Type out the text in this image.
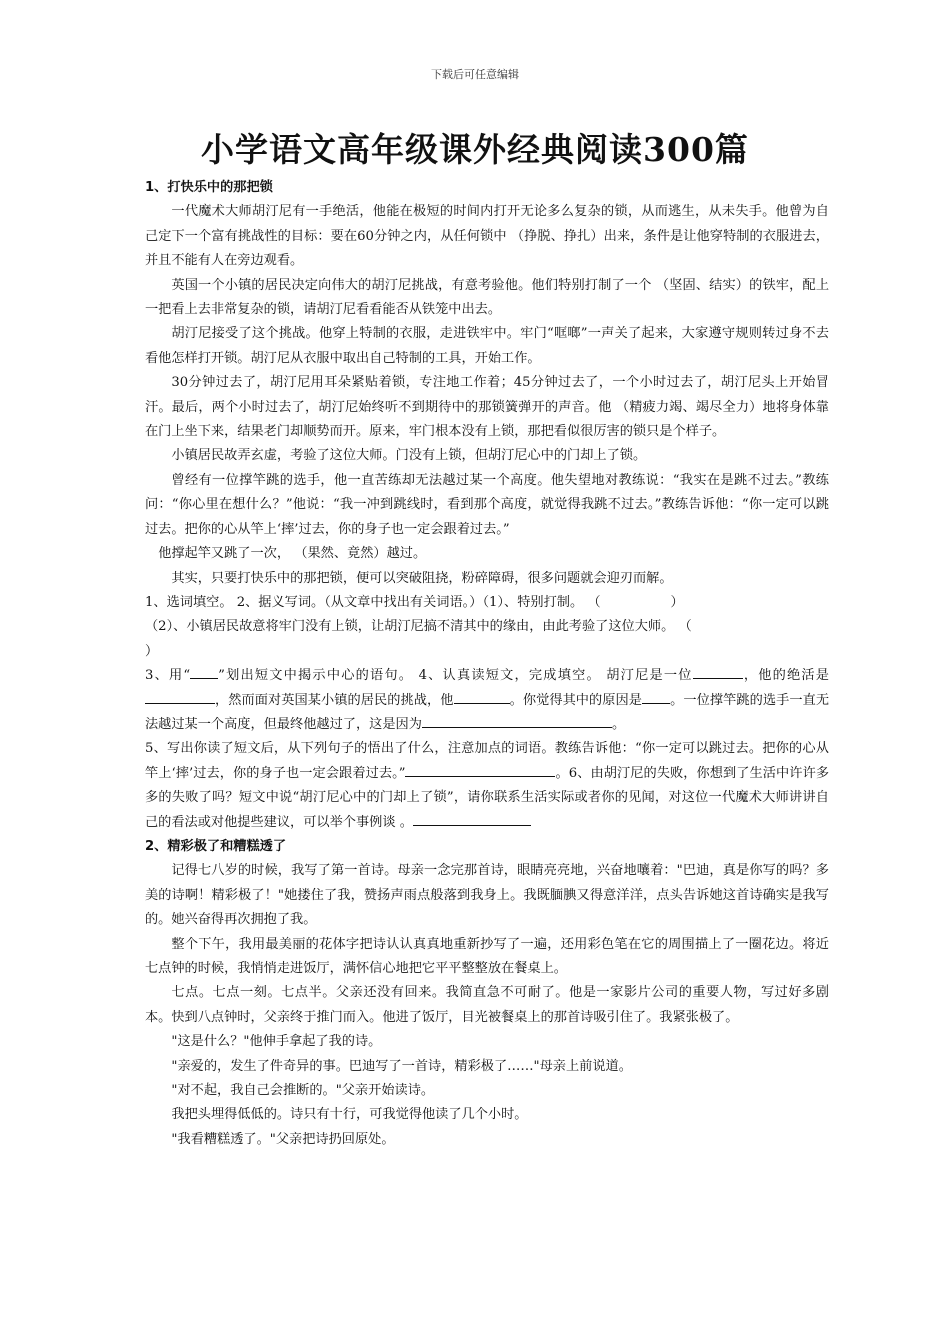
下载后可任意编辑
小学语文高年级课外经典阅读300篇

1、打快乐中的那把锁

一代魔术大师胡汀尼有一手绝活，他能在极短的时间内打开无论多么复杂的锁，从而逃生，从未失手。他曾为自己定下一个富有挑战性的目标：要在60分钟之内，从任何锁中 （挣脱、挣扎）出来，条件是让他穿特制的衣服进去，并且不能有人在旁边观看。

英国一个小镇的居民决定向伟大的胡汀尼挑战，有意考验他。他们特别打制了一个 （坚固、结实）的铁牢，配上一把看上去非常复杂的锁，请胡汀尼看看能否从铁笼中出去。

胡汀尼接受了这个挑战。他穿上特制的衣服，走进铁牢中。牢门“哐啷”一声关了起来，大家遵守规则转过身不去看他怎样打开锁。胡汀尼从衣服中取出自己特制的工具，开始工作。

30分钟过去了，胡汀尼用耳朵紧贴着锁，专注地工作着；45分钟过去了，一个小时过去了，胡汀尼头上开始冒汗。最后，两个小时过去了，胡汀尼始终听不到期待中的那锁簧弹开的声音。他 （精疲力竭、竭尽全力）地将身体靠在门上坐下来，结果老门却顺势而开。原来，牢门根本没有上锁，那把看似很厉害的锁只是个样子。

小镇居民故弄玄虚，考验了这位大师。门没有上锁，但胡汀尼心中的门却上了锁。

曾经有一位撑竿跳的选手，他一直苦练却无法越过某一个高度。他失望地对教练说：“我实在是跳不过去。”教练问：“你心里在想什么？”他说：“我一冲到跳线时，看到那个高度，就觉得我跳不过去。”教练告诉他：“你一定可以跳过去。把你的心从竿上‘摔’过去，你的身子也一定会跟着过去。”

他撑起竿又跳了一次， （果然、竟然）越过。

其实，只要打快乐中的那把锁，便可以突破阻挠，粉碎障碍，很多问题就会迎刃而解。

1、选词填空。 2、据义写词。（从文章中找出有关词语。）（1）、特别打制。 （	）

（2）、小镇居民故意将牢门没有上锁，让胡汀尼搞不清其中的缘由，由此考验了这位大师。 （
）

3、用“ ”划出短文中揭示中心的语句。 4、认真读短文，完成填空。 胡汀尼是一位	，他的绝活是，然而面对英国某小镇的居民的挑战，他	。你觉得其中的原因是 。一位撑竿跳的选手一直无法越过某一个高度，但最终他越过了，这是因为	。

5、写出你读了短文后，从下列句子的悟出了什么，注意加点的词语。教练告诉他：“你一定可以跳过去。把你的心从竿上‘摔’过去，你的身子也一定会跟着过去。”	。6、由胡汀尼的失败，你想到了生活中许许多多的失败了吗？短文中说“胡汀尼心中的门却上了锁”，请你联系生活实际或者你的见闻，对这位一代魔术大师讲讲自己的看法或对他提些建议，可以举个事例谈 。

2、精彩极了和糟糕透了

记得七八岁的时候，我写了第一首诗。母亲一念完那首诗，眼睛亮亮地，兴奋地嚷着："巴迪，真是你写的吗？多美的诗啊！精彩极了！"她搂住了我，赞扬声雨点般落到我身上。我既腼腆又得意洋洋，点头告诉她这首诗确实是我写的。她兴奋得再次拥抱了我。

整个下午，我用最美丽的花体字把诗认认真真地重新抄写了一遍，还用彩色笔在它的周围描上了一圈花边。将近七点钟的时候，我悄悄走进饭厅，满怀信心地把它平平整整放在餐桌上。

七点。七点一刻。七点半。父亲还没有回来。我简直急不可耐了。他是一家影片公司的重要人物，写过好多剧本。快到八点钟时，父亲终于推门而入。他进了饭厅，目光被餐桌上的那首诗吸引住了。我紧张极了。

"这是什么？"他伸手拿起了我的诗。

"亲爱的，发生了件奇异的事。巴迪写了一首诗，精彩极了……"母亲上前说道。

"对不起，我自己会推断的。"父亲开始读诗。

我把头埋得低低的。诗只有十行，可我觉得他读了几个小时。

"我看糟糕透了。"父亲把诗扔回原处。
